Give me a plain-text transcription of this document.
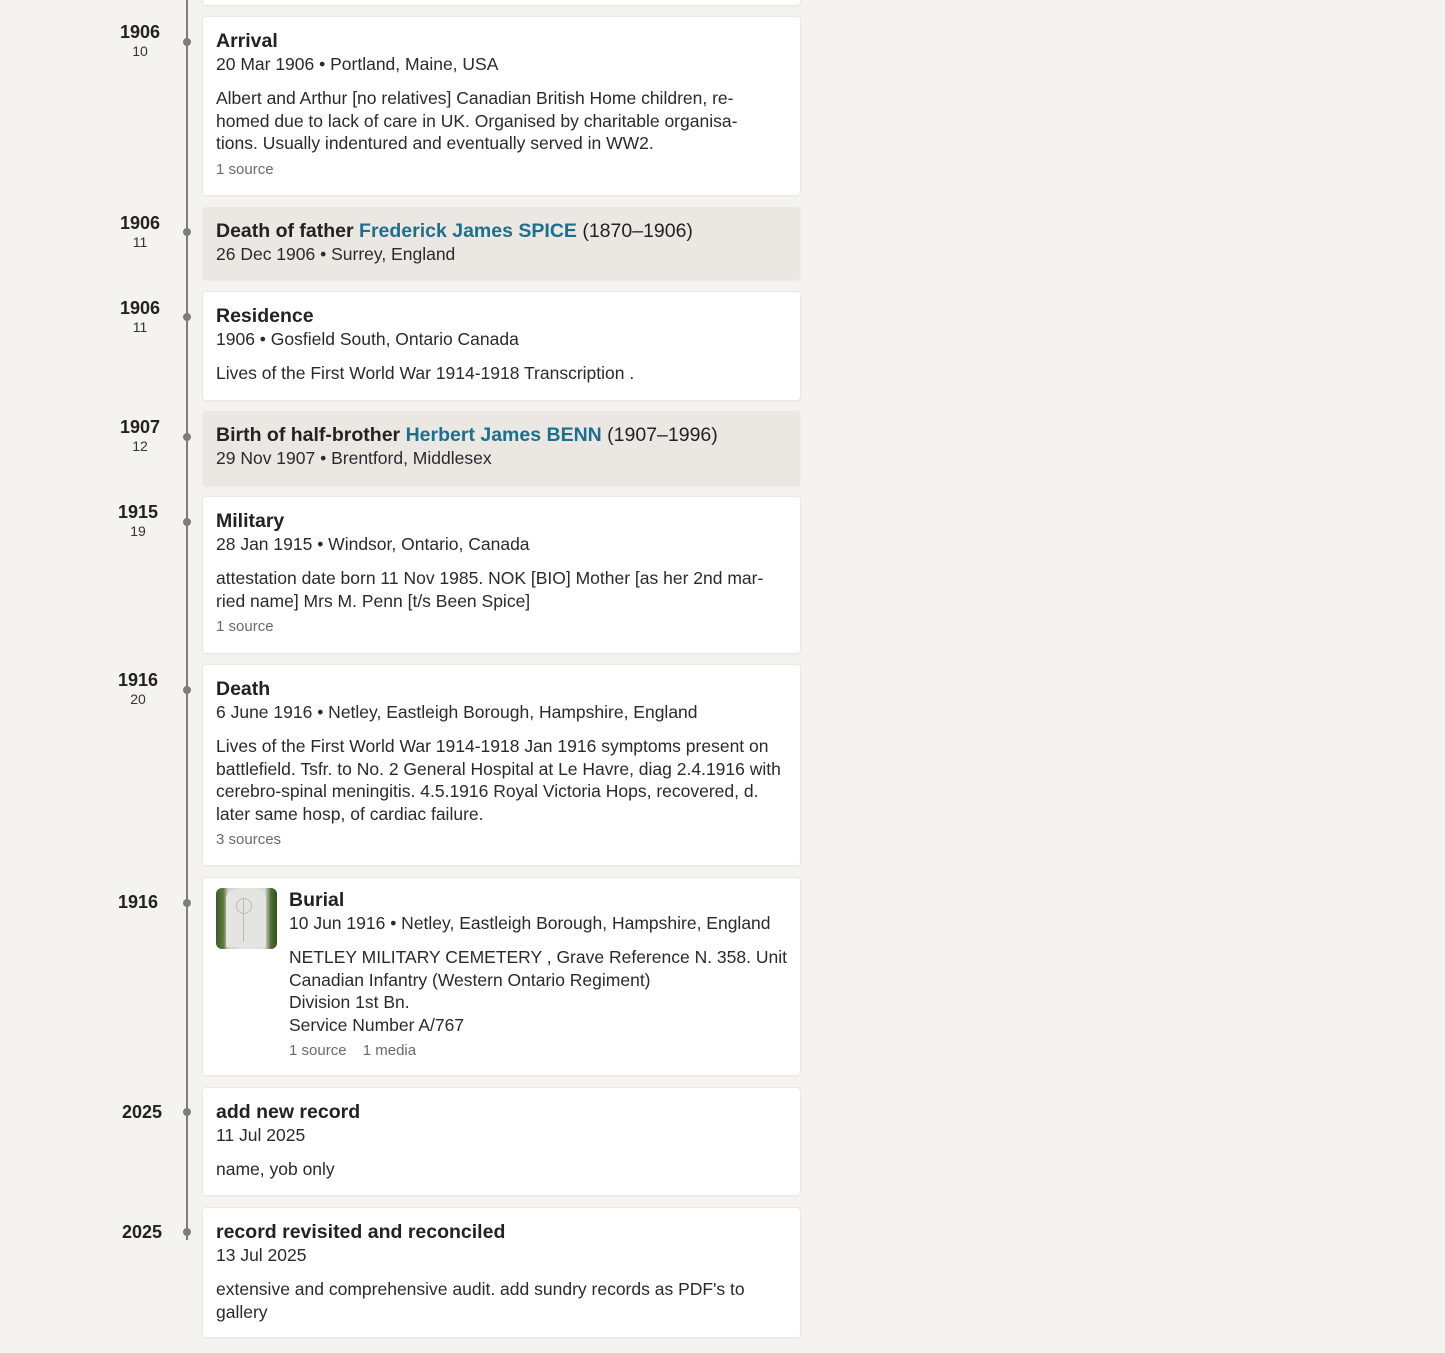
1906
10	Arrival
20 Mar 1906 • Portland, Maine, USA
Albert and Arthur [no relatives] Canadian British Home children, re-
homed due to lack of care in UK. Organised by charitable organisa-
tions. Usually indentured and eventually served in WW2.
1 source
1906
11	Death of father Frederick James SPICE (1870–1906)
26 Dec 1906 • Surrey, England
1906
11	Residence
1906 • Gosfield South, Ontario Canada
Lives of the First World War 1914-1918 Transcription .
1907
12	Birth of half-brother Herbert James BENN (1907–1996)
29 Nov 1907 • Brentford, Middlesex
1915
19	Military
28 Jan 1915 • Windsor, Ontario, Canada
attestation date born 11 Nov 1985. NOK [BIO] Mother [as her 2nd mar-
ried name] Mrs M. Penn [t/s Been Spice]
1 source
1916
20	Death
6 June 1916 • Netley, Eastleigh Borough, Hampshire, England
Lives of the First World War 1914-1918 Jan 1916 symptoms present on
battlefield. Tsfr. to No. 2 General Hospital at Le Havre, diag 2.4.1916 with
cerebro-spinal meningitis. 4.5.1916 Royal Victoria Hops, recovered, d.
later same hosp, of cardiac failure.
3 sources
1916	Burial
10 Jun 1916 • Netley, Eastleigh Borough, Hampshire, England
NETLEY MILITARY CEMETERY , Grave Reference N. 358. Unit
Canadian Infantry (Western Ontario Regiment)
Division 1st Bn.
Service Number A/767
1 source 1 media
2025	add new record
11 Jul 2025
name, yob only
2025	record revisited and reconciled
13 Jul 2025
extensive and comprehensive audit. add sundry records as PDF's to
gallery
